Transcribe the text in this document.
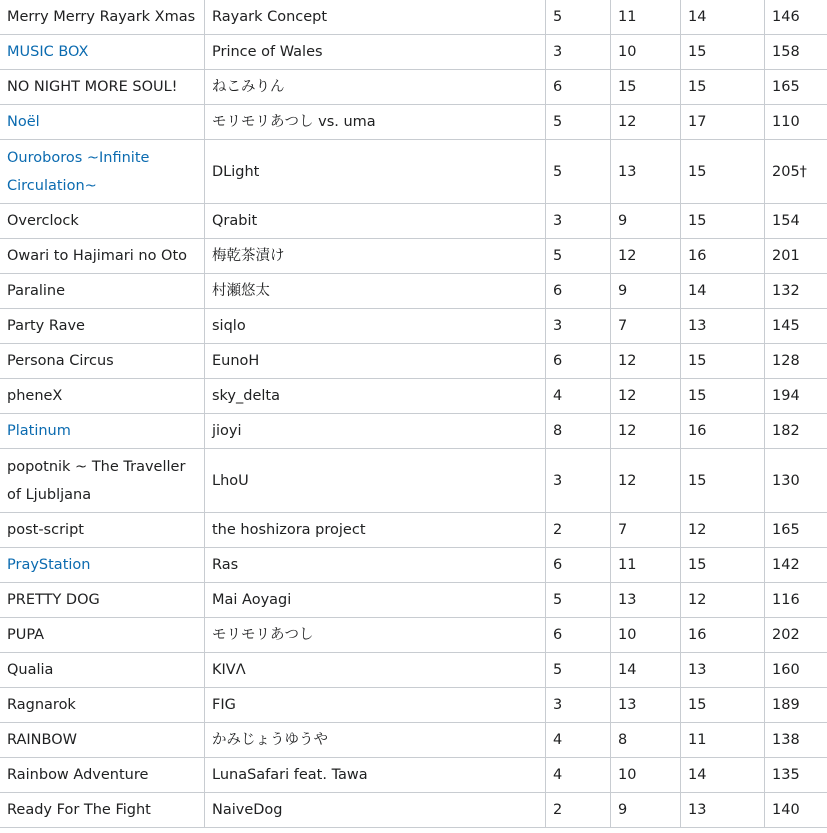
Merry Merry Rayark Xmas	Rayark Concept	5	11	14	146
MUSIC BOX	Prince of Wales	3	10	15	158
NO NIGHT MORE SOUL!	ねこみりん	6	15	15	165
Noël	モリモリあつし vs. uma	5	12	17	110
Ouroboros ~Infinite Circulation~	DLight	5	13	15	205†
Overclock	Qrabit	3	9	15	154
Owari to Hajimari no Oto	梅乾茶漬け	5	12	16	201
Paraline	村瀬悠太	6	9	14	132
Party Rave	siqlo	3	7	13	145
Persona Circus	EunoH	6	12	15	128
pheneX	sky_delta	4	12	15	194
Platinum	jioyi	8	12	16	182
popotnik ~ The Traveller of Ljubljana	LhoU	3	12	15	130
post-script	the hoshizora project	2	7	12	165
PrayStation	Ras	6	11	15	142
PRETTY DOG	Mai Aoyagi	5	13	12	116
PUPA	モリモリあつし	6	10	16	202
Qualia	KIVΛ	5	14	13	160
Ragnarok	FIG	3	13	15	189
RAINBOW	かみじょうゆうや	4	8	11	138
Rainbow Adventure	LunaSafari feat. Tawa	4	10	14	135
Ready For The Fight	NaiveDog	2	9	13	140
